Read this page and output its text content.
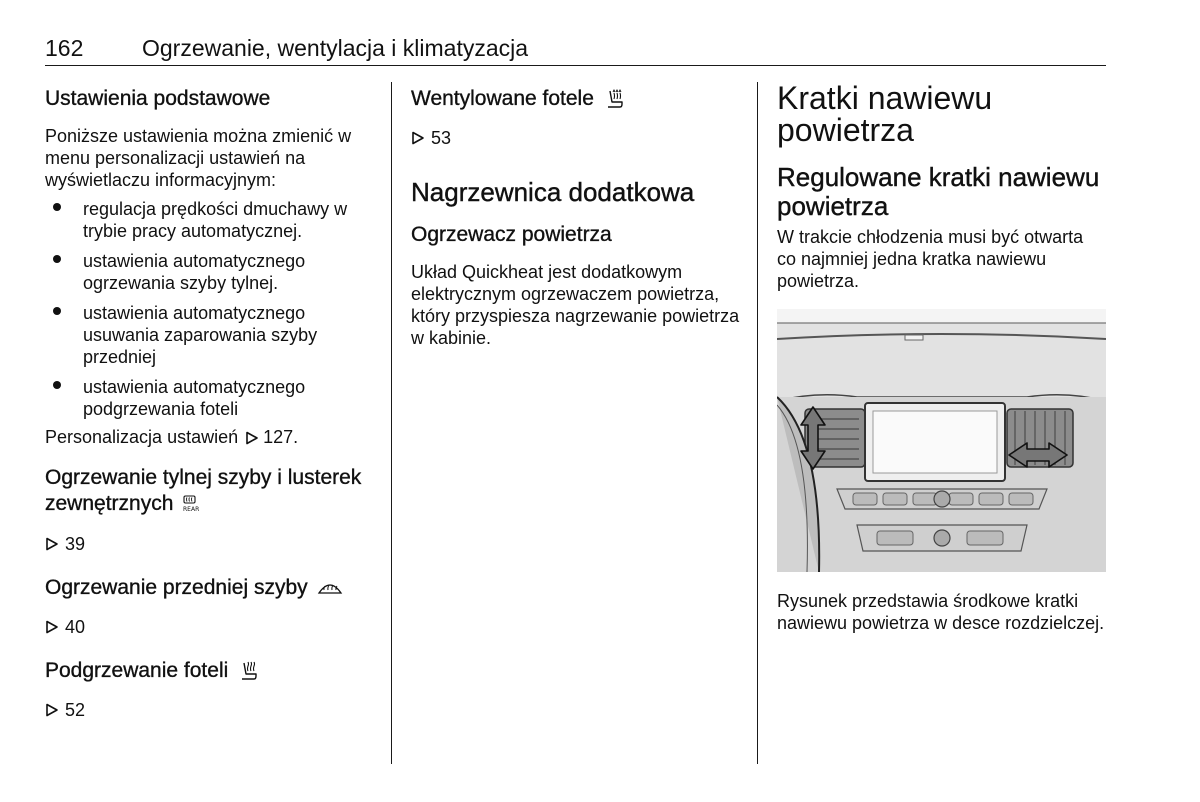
162	Ogrzewanie, wentylacja i klimatyzacja
Ustawienia podstawowe

Poniższe ustawienia można zmienić w menu personalizacji ustawień na wyświetlaczu informacyjnym:

regulacja prędkości dmuchawy w trybie pracy automatycznej.
ustawienia automatycznego ogrzewania szyby tylnej.
ustawienia automatycznego usuwania zaparowania szyby przedniej
ustawienia automatycznego podgrzewania foteli

Personalizacja ustawień 127.

Ogrzewanie tylnej szyby i lusterek zewnętrznych REAR
39
Ogrzewanie przedniej szyby
40
Podgrzewanie foteli
52
Wentylowane fotele
53
Nagrzewnica dodatkowa
Ogrzewacz powietrza

Układ Quickheat jest dodatkowym elektrycznym ogrzewaczem powietrza, który przyspiesza nagrzewanie powietrza w kabinie.

Kratki nawiewu powietrza
Regulowane kratki nawiewu powietrza

W trakcie chłodzenia musi być otwarta co najmniej jedna kratka nawiewu powietrza.

Rysunek przedstawia środkowe kratki nawiewu powietrza w desce rozdzielczej.
